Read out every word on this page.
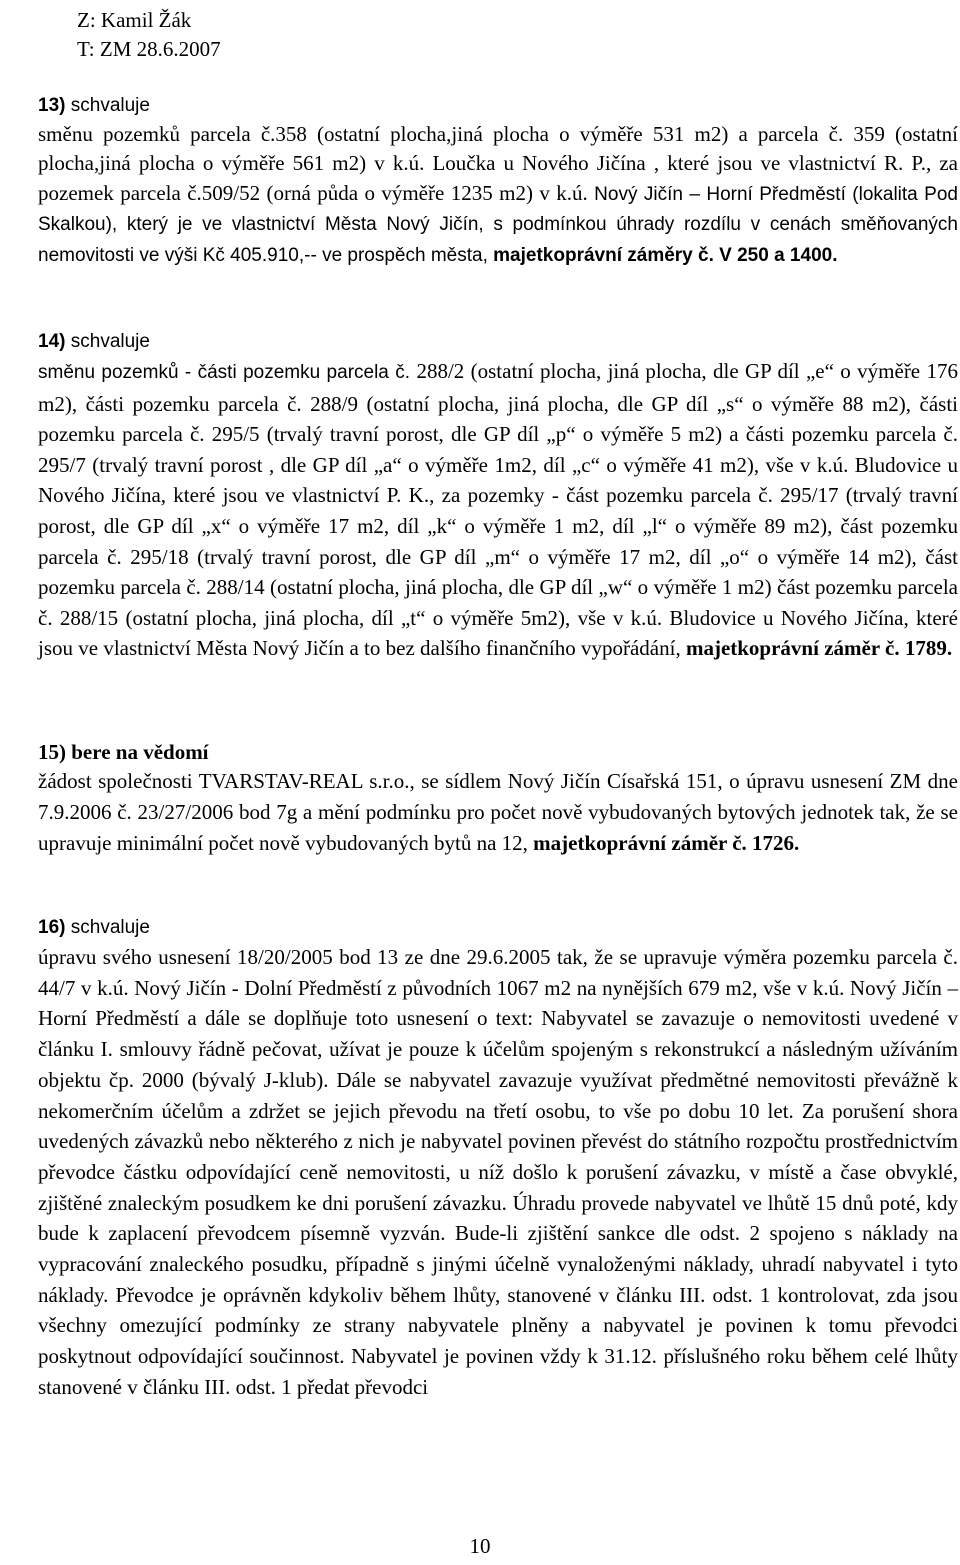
Z: Kamil Žák
T: ZM 28.6.2007
13) schvaluje
směnu pozemků parcela č.358 (ostatní plocha,jiná plocha o výměře 531 m2) a parcela č. 359 (ostatní plocha,jiná plocha o výměře 561 m2) v k.ú. Loučka u Nového Jičína , které jsou ve vlastnictví R. P., za pozemek parcela č.509/52 (orná půda o výměře 1235 m2) v k.ú. Nový Jičín – Horní Předměstí (lokalita Pod Skalkou), který je ve vlastnictví Města Nový Jičín, s podmínkou úhrady rozdílu v cenách směňovaných nemovitosti ve výši Kč 405.910,-- ve prospěch města, majetkoprávní záměry č. V 250 a 1400.
14) schvaluje
směnu pozemků - části pozemku parcela č. 288/2 (ostatní plocha, jiná plocha, dle GP díl „e“ o výměře 176 m2), části pozemku parcela č. 288/9 (ostatní plocha, jiná plocha, dle GP díl „s“ o výměře 88 m2), části pozemku parcela č. 295/5 (trvalý travní porost, dle GP díl „p“ o výměře 5 m2) a části pozemku parcela č. 295/7 (trvalý travní porost , dle GP díl „a“ o výměře 1m2, díl „c“ o výměře 41 m2), vše v k.ú. Bludovice u Nového Jičína, které jsou ve vlastnictví P. K., za pozemky - část pozemku parcela č. 295/17 (trvalý travní porost, dle GP díl „x“ o výměře 17 m2, díl „k“ o výměře 1 m2, díl „l“ o výměře 89 m2), část pozemku parcela č. 295/18 (trvalý travní porost, dle GP díl „m“ o výměře 17 m2, díl „o“ o výměře 14 m2), část pozemku parcela č. 288/14 (ostatní plocha, jiná plocha, dle GP díl „w“ o výměře 1 m2) část pozemku parcela č. 288/15 (ostatní plocha, jiná plocha, díl „t“ o výměře 5m2), vše v k.ú. Bludovice u Nového Jičína, které jsou ve vlastnictví Města Nový Jičín a to bez dalšího finančního vypořádání, majetkoprávní záměr č. 1789.
15) bere na vědomí
žádost společnosti TVARSTAV-REAL s.r.o., se sídlem Nový Jičín Císařská 151, o úpravu usnesení ZM dne 7.9.2006 č. 23/27/2006 bod 7g a mění podmínku pro počet nově vybudovaných bytových jednotek tak, že se upravuje minimální počet nově vybudovaných bytů na 12, majetkoprávní záměr č. 1726.
16) schvaluje
úpravu svého usnesení 18/20/2005 bod 13 ze dne 29.6.2005 tak, že se upravuje výměra pozemku parcela č. 44/7 v k.ú. Nový Jičín - Dolní Předměstí z původních 1067 m2 na nynějších 679 m2, vše v k.ú. Nový Jičín – Horní Předměstí a dále se doplňuje toto usnesení o text: Nabyvatel se zavazuje o nemovitosti uvedené v článku I. smlouvy řádně pečovat, užívat je pouze k účelům spojeným s rekonstrukcí a následným užíváním objektu čp. 2000 (bývalý J-klub). Dále se nabyvatel zavazuje využívat předmětné nemovitosti převážně k nekomerčním účelům a zdržet se jejich převodu na třetí osobu, to vše po dobu 10 let. Za porušení shora uvedených závazků nebo některého z nich je nabyvatel povinen převést do státního rozpočtu prostřednictvím převodce částku odpovídající ceně nemovitosti, u níž došlo k porušení závazku, v místě a čase obvyklé, zjištěné znaleckým posudkem ke dni porušení závazku. Úhradu provede nabyvatel ve lhůtě 15 dnů poté, kdy bude k zaplacení převodcem písemně vyzván. Bude-li zjištění sankce dle odst. 2 spojeno s náklady na vypracování znaleckého posudku, případně s jinými účelně vynaloženými náklady, uhradí nabyvatel i tyto náklady. Převodce je oprávněn kdykoliv během lhůty, stanovené v článku III. odst. 1 kontrolovat, zda jsou všechny omezující podmínky ze strany nabyvatele plněny a nabyvatel je povinen k tomu převodci poskytnout odpovídající součinnost. Nabyvatel je povinen vždy k 31.12. příslušného roku během celé lhůty stanovené v článku III. odst. 1 předat převodci
10
